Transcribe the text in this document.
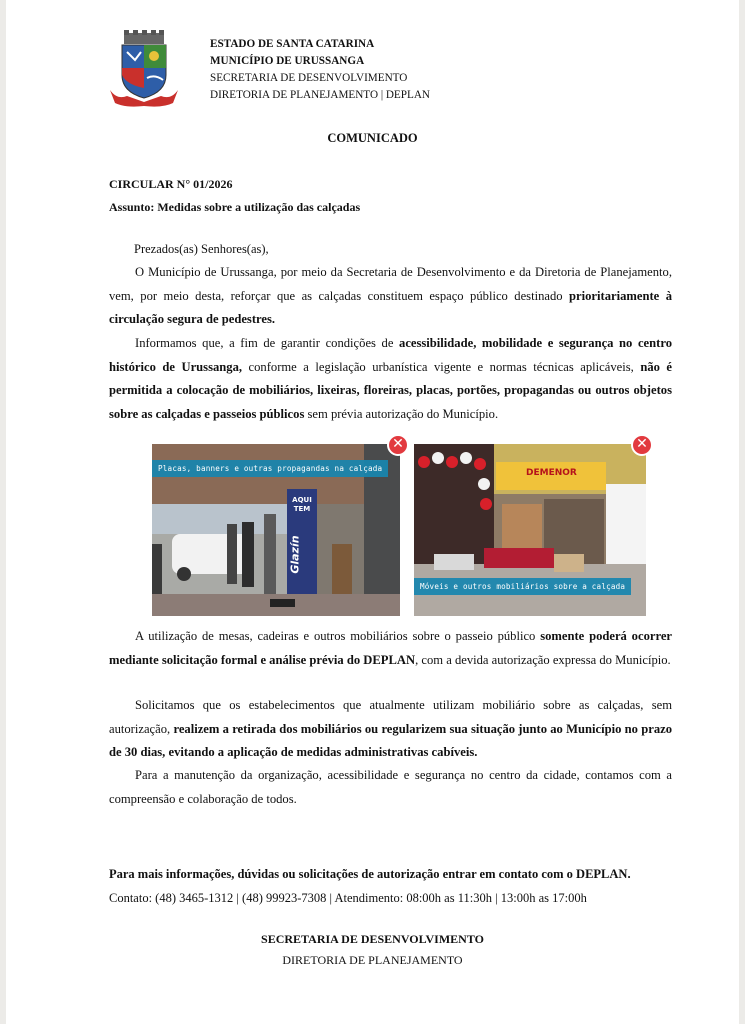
ESTADO DE SANTA CATARINA
MUNICÍPIO DE URUSSANGA
SECRETARIA DE DESENVOLVIMENTO
DIRETORIA DE PLANEJAMENTO | DEPLAN
COMUNICADO
CIRCULAR N° 01/2026
Assunto: Medidas sobre a utilização das calçadas
Prezados(as) Senhores(as),

O Município de Urussanga, por meio da Secretaria de Desenvolvimento e da Diretoria de Planejamento, vem, por meio desta, reforçar que as calçadas constituem espaço público destinado prioritariamente à circulação segura de pedestres.

Informamos que, a fim de garantir condições de acessibilidade, mobilidade e segurança no centro histórico de Urussanga, conforme a legislação urbanística vigente e normas técnicas aplicáveis, não é permitida a colocação de mobiliários, lixeiras, floreiras, placas, portões, propagandas ou outros objetos sobre as calçadas e passeios públicos sem prévia autorização do Município.

AQUI
TEM
Glazín
Placas, banners e outras propagandas na calçada	DEMENOR
Móveis e outros mobiliários sobre a calçada
✕	✕

A utilização de mesas, cadeiras e outros mobiliários sobre o passeio público somente poderá ocorrer mediante solicitação formal e análise prévia do DEPLAN, com a devida autorização expressa do Município.

Solicitamos que os estabelecimentos que atualmente utilizam mobiliário sobre as calçadas, sem autorização, realizem a retirada dos mobiliários ou regularizem sua situação junto ao Município no prazo de 30 dias, evitando a aplicação de medidas administrativas cabíveis.

Para a manutenção da organização, acessibilidade e segurança no centro da cidade, contamos com a compreensão e colaboração de todos.

Para mais informações, dúvidas ou solicitações de autorização entrar em contato com o DEPLAN.
Contato: (48) 3465-1312 | (48) 99923-7308 | Atendimento: 08:00h as 11:30h | 13:00h as 17:00h
SECRETARIA DE DESENVOLVIMENTO
DIRETORIA DE PLANEJAMENTO
